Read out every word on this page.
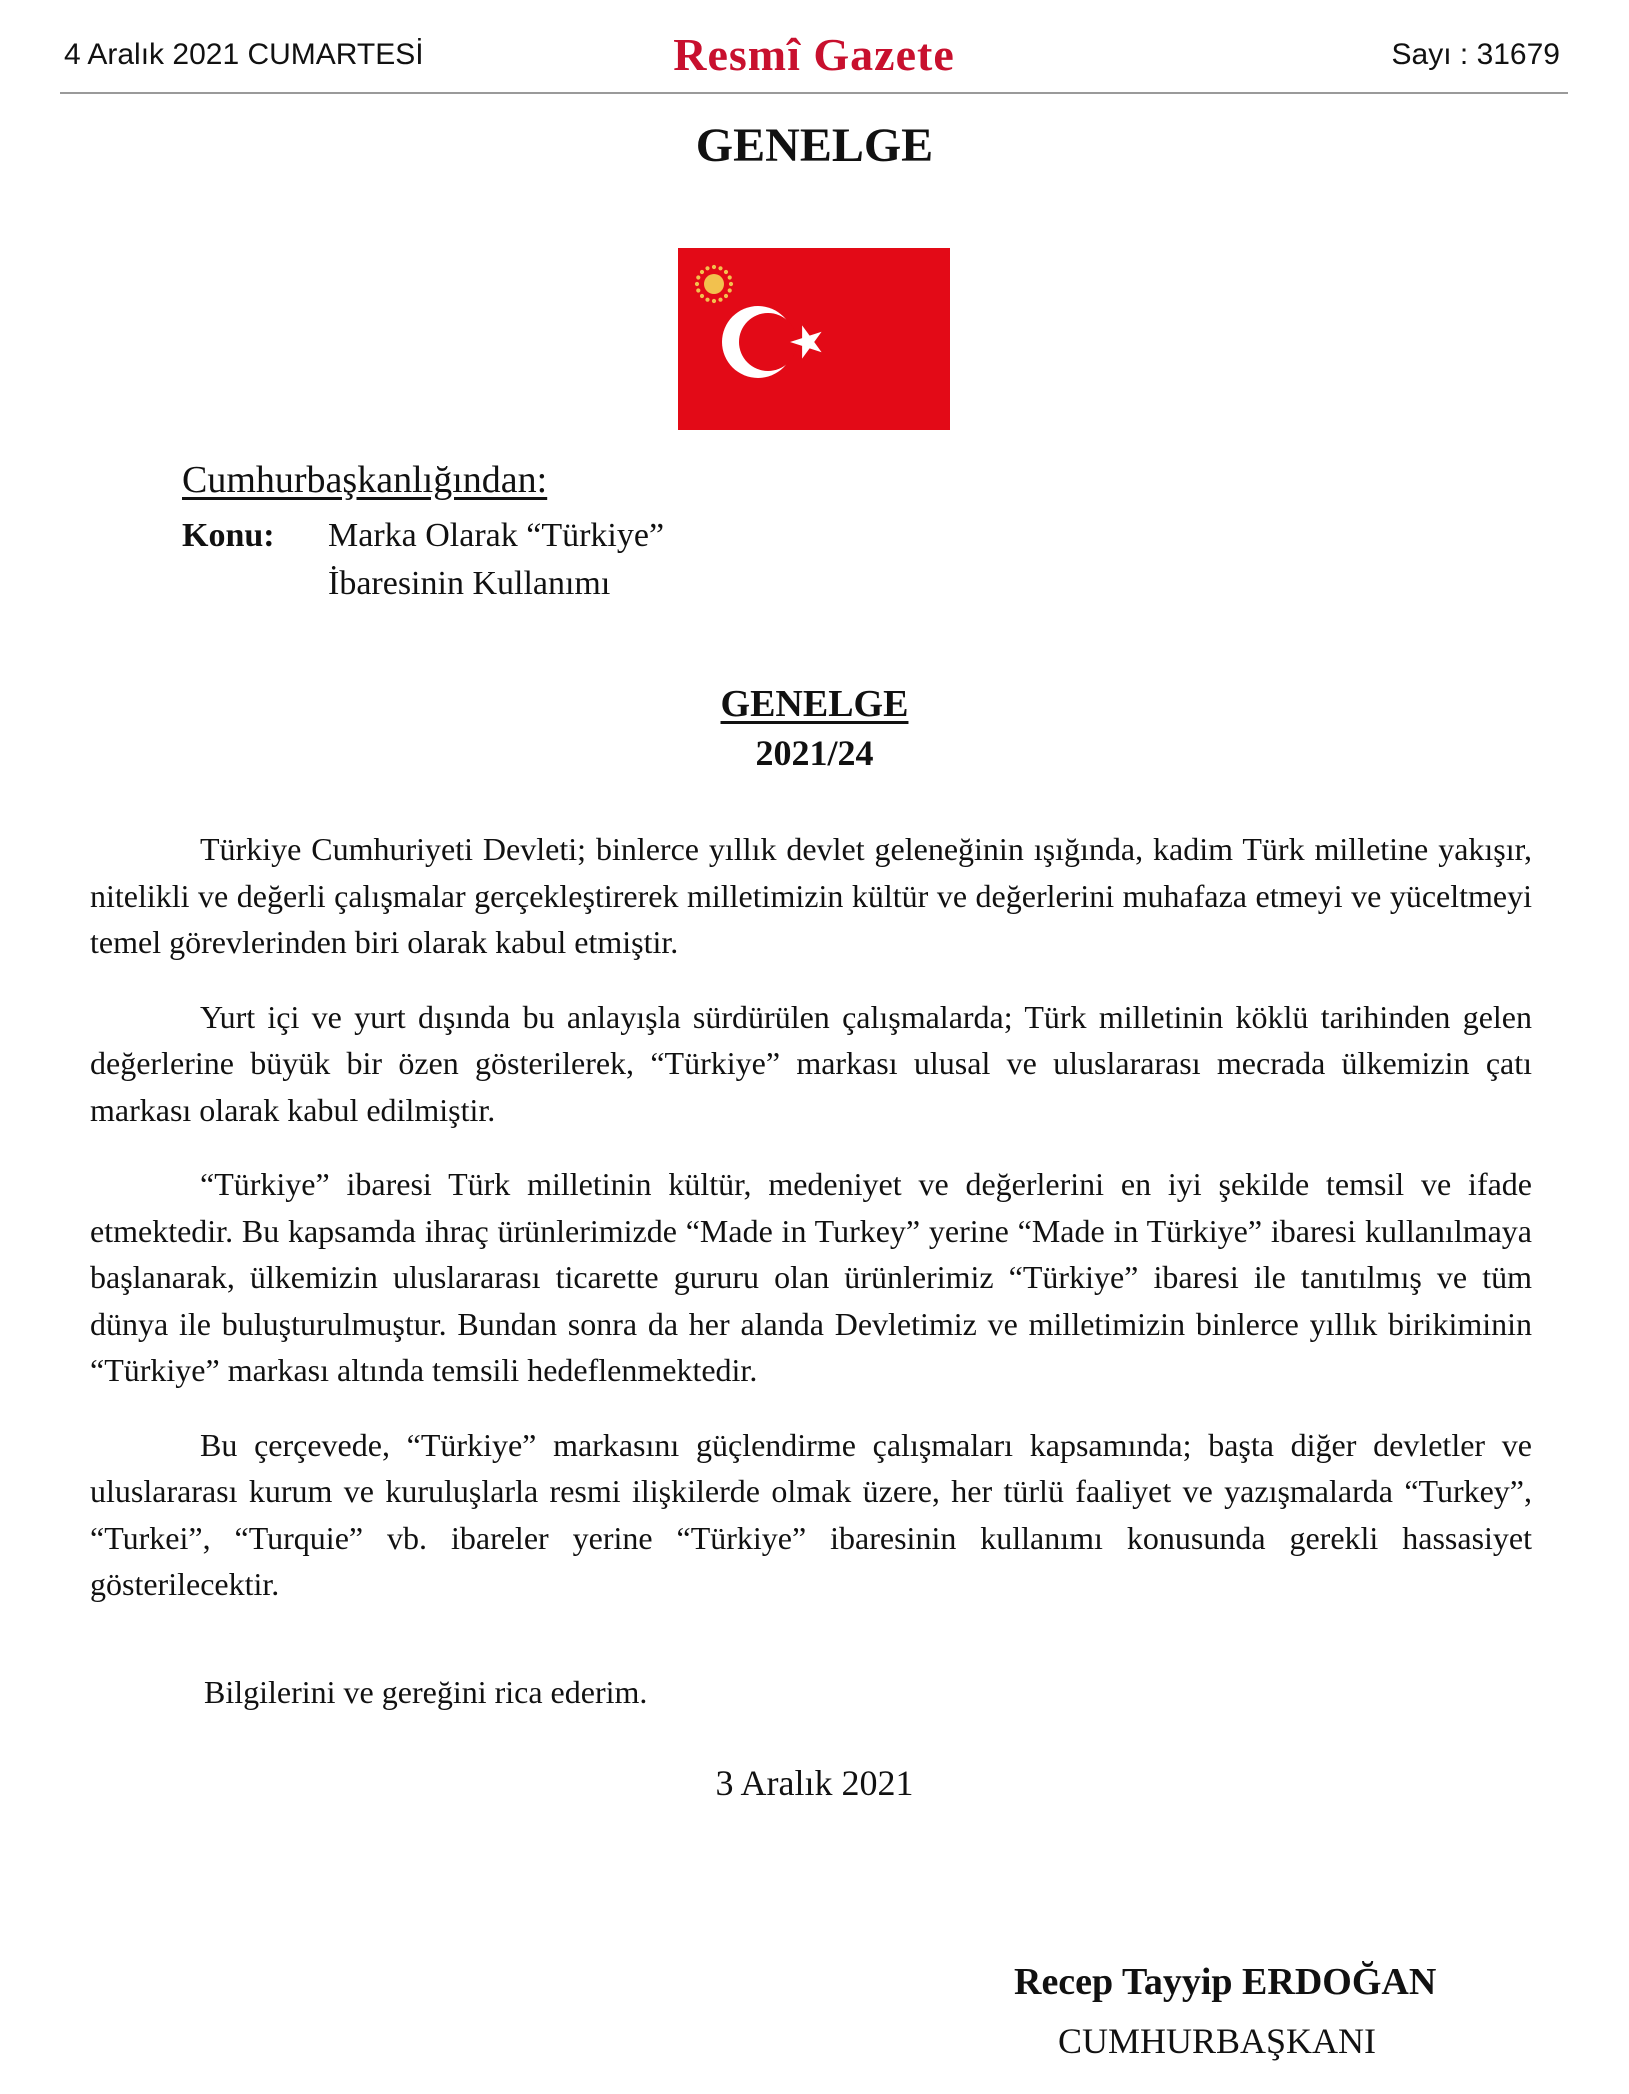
4 Aralık 2021 CUMARTESİ	Resmî Gazete	Sayı : 31679
GENELGE
Cumhurbaşkanlığından:
Konu: Marka Olarak “Türkiye”
İbaresinin Kullanımı
GENELGE
2021/24

Türkiye Cumhuriyeti Devleti; binlerce yıllık devlet geleneğinin ışığında, kadim Türk milletine yakışır, nitelikli ve değerli çalışmalar gerçekleştirerek milletimizin kültür ve değerlerini muhafaza etmeyi ve yüceltmeyi temel görevlerinden biri olarak kabul etmiştir.

Yurt içi ve yurt dışında bu anlayışla sürdürülen çalışmalarda; Türk milletinin köklü tarihinden gelen değerlerine büyük bir özen gösterilerek, “Türkiye” markası ulusal ve uluslararası mecrada ülkemizin çatı markası olarak kabul edilmiştir.

“Türkiye” ibaresi Türk milletinin kültür, medeniyet ve değerlerini en iyi şekilde temsil ve ifade etmektedir. Bu kapsamda ihraç ürünlerimizde “Made in Turkey” yerine “Made in Türkiye” ibaresi kullanılmaya başlanarak, ülkemizin uluslararası ticarette gururu olan ürünlerimiz “Türkiye” ibaresi ile tanıtılmış ve tüm dünya ile buluşturulmuştur. Bundan sonra da her alanda Devletimiz ve milletimizin binlerce yıllık birikiminin “Türkiye” markası altında temsili hedeflenmektedir.

Bu çerçevede, “Türkiye” markasını güçlendirme çalışmaları kapsamında; başta diğer devletler ve uluslararası kurum ve kuruluşlarla resmi ilişkilerde olmak üzere, her türlü faaliyet ve yazışmalarda “Turkey”, “Turkei”, “Turquie” vb. ibareler yerine “Türkiye” ibaresinin kullanımı konusunda gerekli hassasiyet gösterilecektir.

Bilgilerini ve gereğini rica ederim.
3 Aralık 2021
Recep Tayyip ERDOĞAN
CUMHURBAŞKANI
